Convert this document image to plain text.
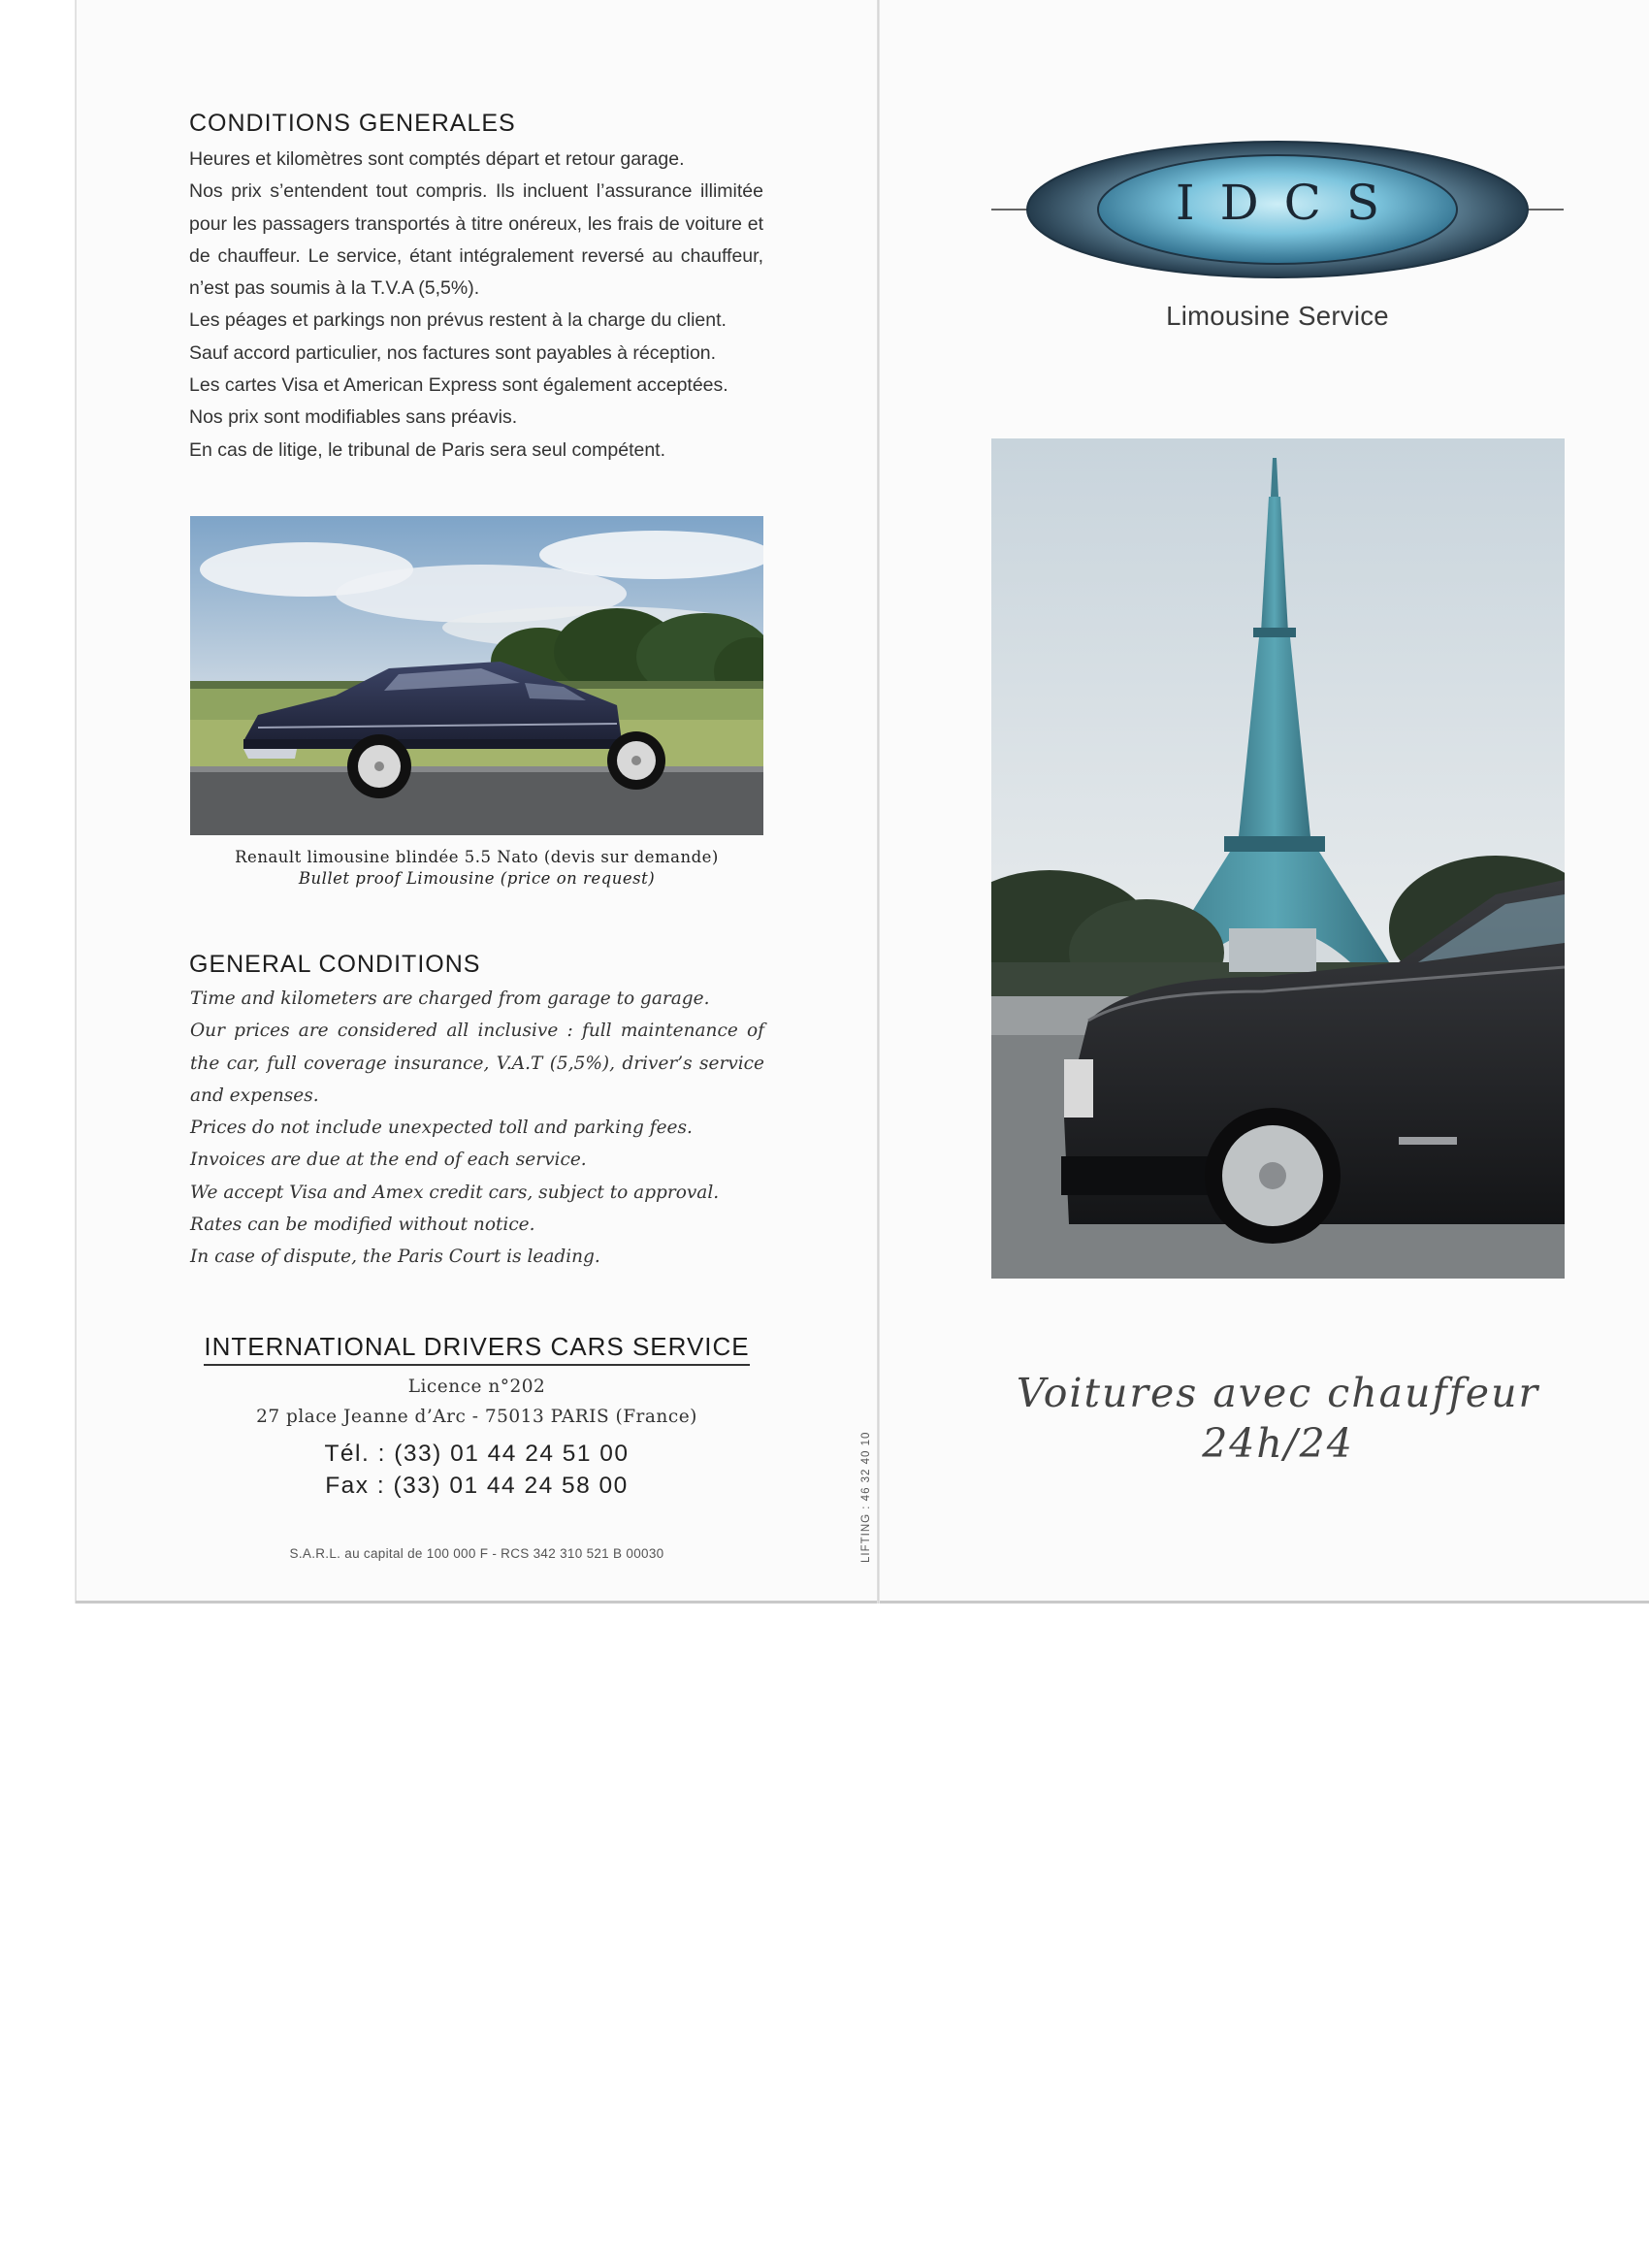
CONDITIONS GENERALES

Heures et kilomètres sont comptés départ et retour garage.

Nos prix s’entendent tout compris. Ils incluent l’assurance illimitée pour les passagers transportés à titre onéreux, les frais de voiture et de chauffeur. Le service, étant intégralement reversé au chauffeur, n’est pas soumis à la T.V.A (5,5%).

Les péages et parkings non prévus restent à la charge du client.

Sauf accord particulier, nos factures sont payables à réception.

Les cartes Visa et American Express sont également acceptées.

Nos prix sont modifiables sans préavis.

En cas de litige, le tribunal de Paris sera seul compétent.

Renault limousine blindée 5.5 Nato (devis sur demande)
Bullet proof Limousine (price on request)
GENERAL CONDITIONS

Time and kilometers are charged from garage to garage.

Our prices are considered all inclusive : full maintenance of the car, full coverage insurance, V.A.T (5,5%), driver’s service and expenses.

Prices do not include unexpected toll and parking fees.

Invoices are due at the end of each service.

We accept Visa and Amex credit cars, subject to approval.

Rates can be modified without notice.

In case of dispute, the Paris Court is leading.

INTERNATIONAL DRIVERS CARS SERVICE
Licence n°202
27 place Jeanne d’Arc - 75013 PARIS (France)
Tél. : (33) 01 44 24 51 00
Fax : (33) 01 44 24 58 00
S.A.R.L. au capital de 100 000 F - RCS 342 310 521 B 00030	LIFTING : 46 32 40 10
IDCS
Limousine Service
Voitures avec chauffeur
24h/24
